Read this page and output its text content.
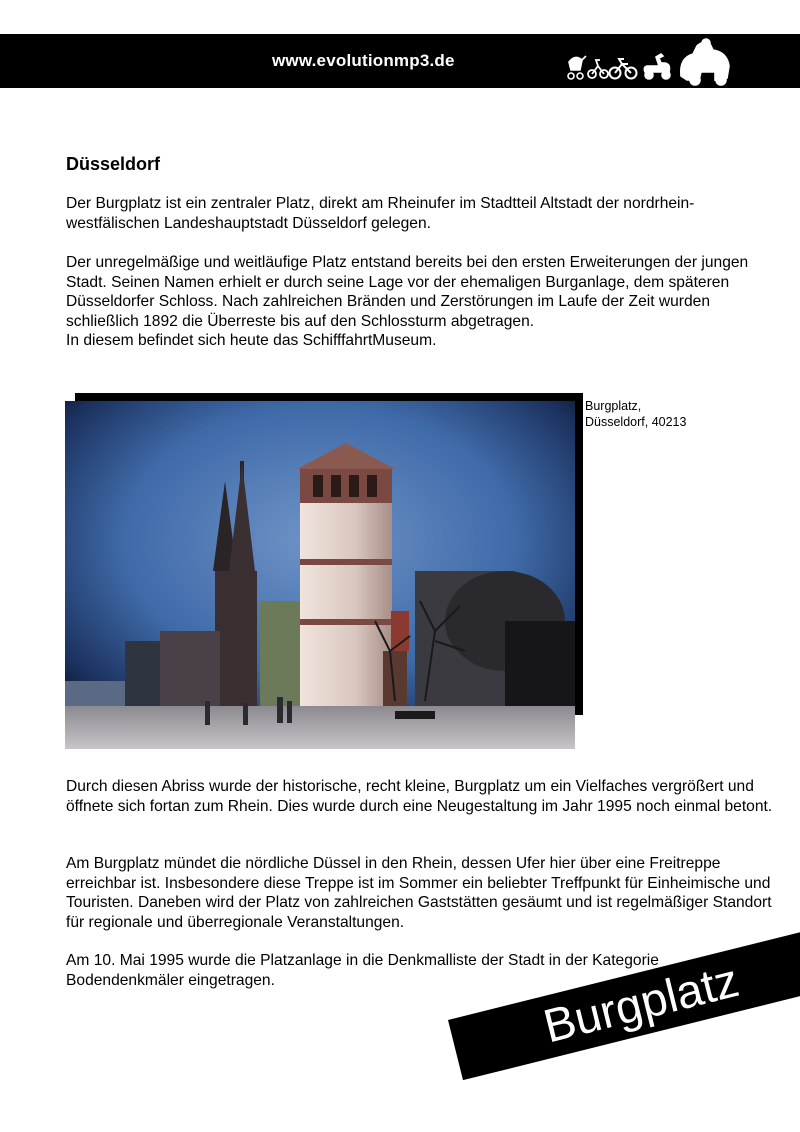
www.evolutionmp3.de
Düsseldorf

Der Burgplatz ist ein zentraler Platz, direkt am Rheinufer im Stadtteil Altstadt der nordrhein-westfälischen Landeshauptstadt Düsseldorf gelegen.

Der unregelmäßige und weitläufige Platz entstand bereits bei den ersten Erweiterungen der jungen Stadt. Seinen Namen erhielt er durch seine Lage vor der ehemaligen Burganlage, dem späteren Düsseldorfer Schloss. Nach zahlreichen Bränden und Zerstörungen im Laufe der Zeit wurden schließlich 1892 die Überreste bis auf den Schlossturm abgetragen.

In diesem befindet sich heute das SchifffahrtMuseum.

Burgplatz,
Düsseldorf, 40213

Durch diesen Abriss wurde der historische, recht kleine, Burgplatz um ein Vielfaches vergrößert und öffnete sich fortan zum Rhein. Dies wurde durch eine Neugestaltung im Jahr 1995 noch einmal betont.

Am Burgplatz mündet die nördliche Düssel in den Rhein, dessen Ufer hier über eine Freitreppe erreichbar ist. Insbesondere diese Treppe ist im Sommer ein beliebter Treffpunkt für Einheimische und Touristen. Daneben wird der Platz von zahlreichen Gaststätten gesäumt und ist regelmäßiger Standort für regionale und überregionale Veranstaltungen.

Am 10. Mai 1995 wurde die Platzanlage in die Denkmalliste der Stadt in der Kategorie Bodendenkmäler eingetragen.	Burgplatz
